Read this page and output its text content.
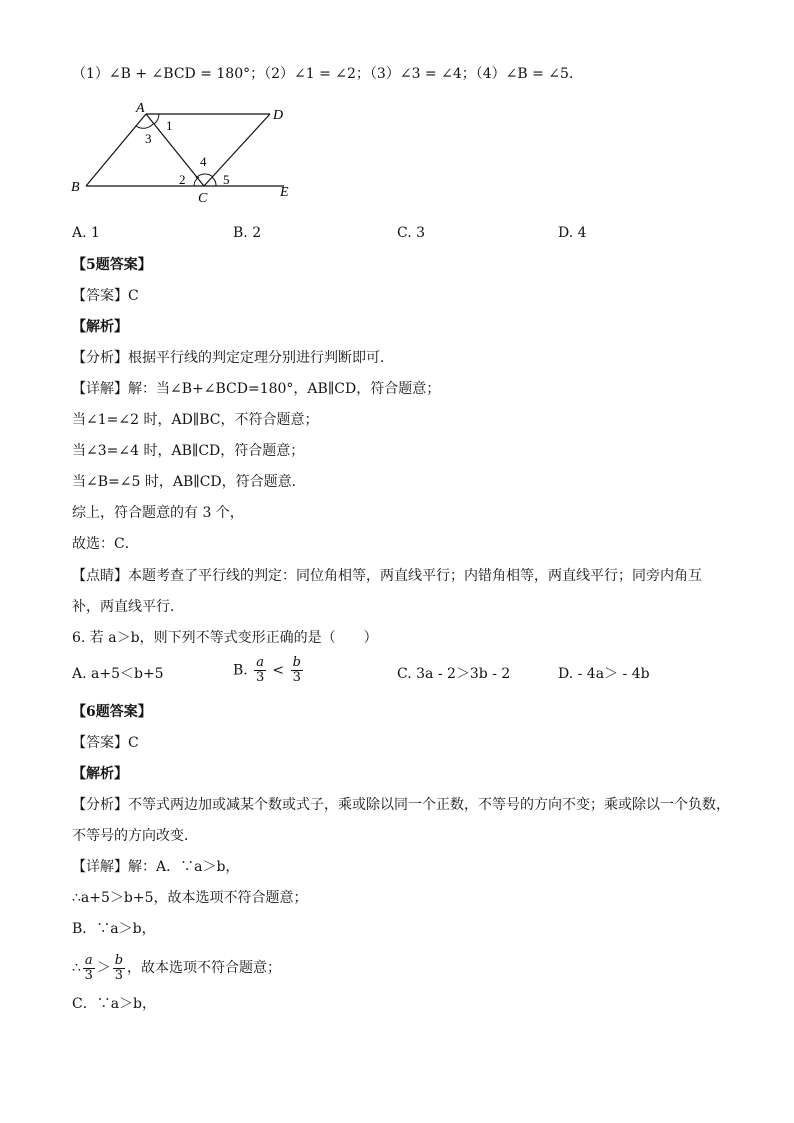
（1）∠B + ∠BCD = 180°；（2）∠1 = ∠2；（3）∠3 = ∠4；（4）∠B = ∠5．
A	D
B
C	E
1
2
3
4
5
A. 1	B. 2	C. 3	D. 4
【5题答案】
【答案】C
【解析】
【分析】根据平行线的判定定理分别进行判断即可．
【详解】解：当∠B+∠BCD=180°，AB∥CD，符合题意；
当∠1=∠2 时，AD∥BC，不符合题意；
当∠3=∠4 时，AB∥CD，符合题意；
当∠B=∠5 时，AB∥CD，符合题意．
综上，符合题意的有 3 个，
故选：C．
【点睛】本题考查了平行线的判定：同位角相等，两直线平行；内错角相等，两直线平行；同旁内角互
补，两直线平行．
6. 若 a＞b，则下列不等式变形正确的是（　　）
A. a+5＜b+5	B. $\frac{a}{3} < \frac{b}{3}$	C. 3a - 2＞3b - 2	D. - 4a＞ - 4b
【6题答案】
【答案】C
【解析】
【分析】不等式两边加或减某个数或式子，乘或除以同一个正数，不等号的方向不变；乘或除以一个负数，
不等号的方向改变．
【详解】解：A．∵a＞b，
∴a+5＞b+5，故本选项不符合题意；
B．∵a＞b，
∴ $\frac{a}{3} > \frac{b}{3}$ ，故本选项不符合题意；
C．∵a＞b，
